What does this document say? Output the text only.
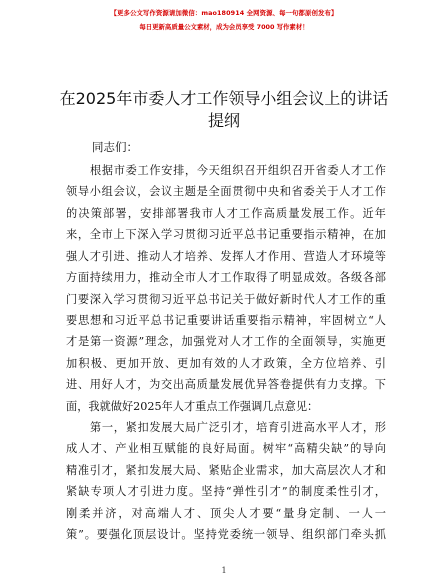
【更多公文写作资源请加微信：mao180914 全网资源、每一句都原创发布】
每日更新高质量公文素材，成为会员享受 7000 写作素材！
在2025年市委人才工作领导小组会议上的讲话
提纲
同志们：
根据市委工作安排，今天组织召开组织召开省委人才工作
领导小组会议，会议主题是全面贯彻中央和省委关于人才工作
的决策部署，安排部署我市人才工作高质量发展工作。近年
来，全市上下深入学习贯彻习近平总书记重要指示精神，在加
强人才引进、推动人才培养、发挥人才作用、营造人才环境等
方面持续用力，推动全市人才工作取得了明显成效。各级各部
门要深入学习贯彻习近平总书记关于做好新时代人才工作的重
要思想和习近平总书记重要讲话重要指示精神，牢固树立“人
才是第一资源”理念，加强党对人才工作的全面领导，实施更
加积极、更加开放、更加有效的人才政策，全方位培养、引
进、用好人才，为交出高质量发展优异答卷提供有力支撑。下
面，我就做好2025年人才重点工作强调几点意见：
第一，紧扣发展大局广泛引才，培育引进高水平人才，形
成人才、产业相互赋能的良好局面。树牢“高精尖缺”的导向
精准引才，紧扣发展大局、紧贴企业需求，加大高层次人才和
紧缺专项人才引进力度。坚持“弹性引才”的制度柔性引才，
刚柔并济，对高端人才、顶尖人才要“量身定制、一人一
策”。要强化顶层设计。坚持党委统一领导、组织部门牵头抓
1
